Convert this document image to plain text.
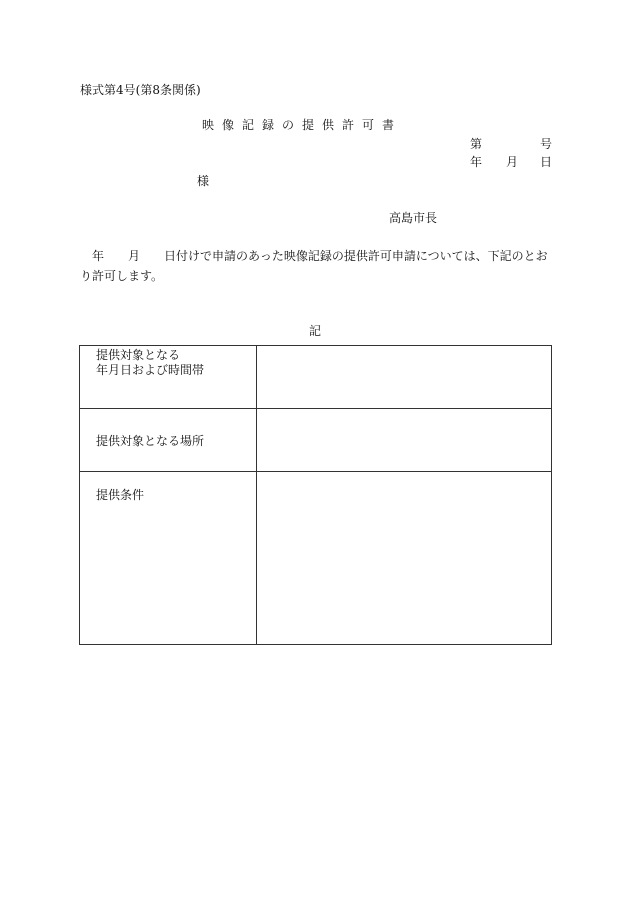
様式第4号(第8条関係)
映像記録の提供許可書
第	号
年 月 日
様
高島市長
　年　　月　　日付けで申請のあった映像記録の提供許可申請については、下記のとおり許可します。
記
提供対象となる
年月日および時間帯	

提供対象となる場所	

提供条件	
